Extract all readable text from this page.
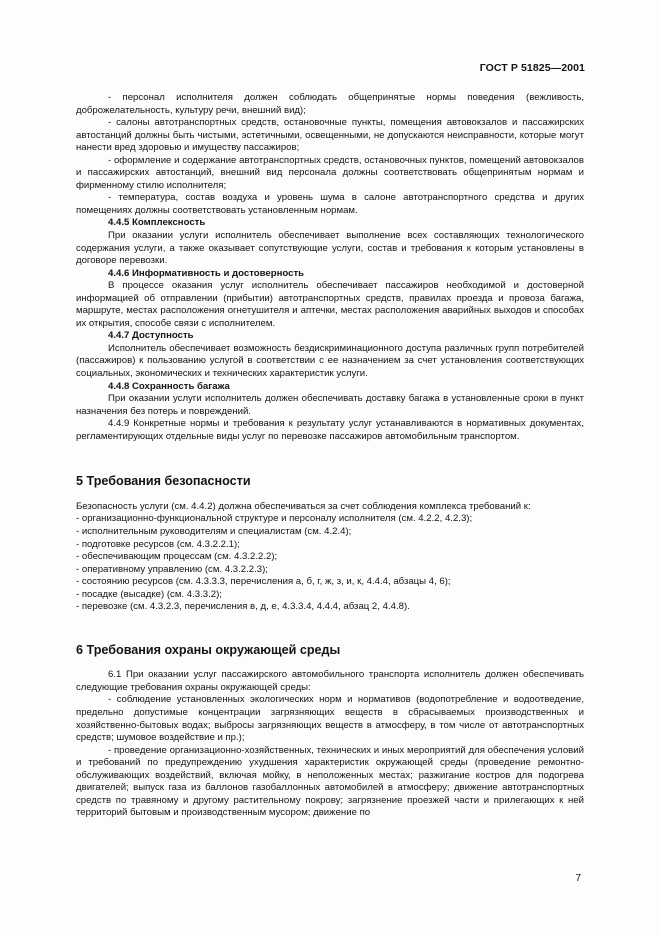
ГОСТ Р 51825—2001

- персонал исполнителя должен соблюдать общепринятые нормы поведения (вежливость, доброжелательность, культуру речи, внешний вид);

- салоны автотранспортных средств, остановочные пункты, помещения автовокзалов и пассажирских автостанций должны быть чистыми, эстетичными, освещенными, не допускаются неисправности, которые могут нанести вред здоровью и имуществу пассажиров;

- оформление и содержание автотранспортных средств, остановочных пунктов, помещений автовокзалов и пассажирских автостанций, внешний вид персонала должны соответствовать общепринятым нормам и фирменному стилю исполнителя;

- температура, состав воздуха и уровень шума в салоне автотранспортного средства и других помещениях должны соответствовать установленным нормам.

4.4.5 Комплексность

При оказании услуги исполнитель обеспечивает выполнение всех составляющих технологического содержания услуги, а также оказывает сопутствующие услуги, состав и требования к которым установлены в договоре перевозки.

4.4.6 Информативность и достоверность

В процессе оказания услуг исполнитель обеспечивает пассажиров необходимой и достоверной информацией об отправлении (прибытии) автотранспортных средств, правилах проезда и провоза багажа, маршруте, местах расположения огнетушителя и аптечки, местах расположения аварийных выходов и способах их открытия, способе связи с исполнителем.

4.4.7 Доступность

Исполнитель обеспечивает возможность бездискриминационного доступа различных групп потребителей (пассажиров) к пользованию услугой в соответствии с ее назначением за счет установления соответствующих социальных, экономических и технических характеристик услуги.

4.4.8 Сохранность багажа

При оказании услуги исполнитель должен обеспечивать доставку багажа в установленные сроки в пункт назначения без потерь и повреждений.

4.4.9 Конкретные нормы и требования к результату услуг устанавливаются в нормативных документах, регламентирующих отдельные виды услуг по перевозке пассажиров автомобильным транспортом.

5 Требования безопасности

Безопасность услуги (см. 4.4.2) должна обеспечиваться за счет соблюдения комплекса требований к:

- организационно-функциональной структуре и персоналу исполнителя (см. 4.2.2, 4.2.3);

- исполнительным руководителям и специалистам (см. 4.2.4);

- подготовке ресурсов (см. 4.3.2.2.1);

- обеспечивающим процессам (см. 4.3.2.2.2);

- оперативному управлению (см. 4.3.2.2.3);

- состоянию ресурсов (см. 4.3.3.3, перечисления а, б, г, ж, з, и, к, 4.4.4, абзацы 4, 6);

- посадке (высадке) (см. 4.3.3.2);

- перевозке (см. 4.3.2.3, перечисления в, д, е, 4.3.3.4, 4.4.4, абзац 2, 4.4.8).

6 Требования охраны окружающей среды

6.1 При оказании услуг пассажирского автомобильного транспорта исполнитель должен обеспечивать следующие требования охраны окружающей среды:

- соблюдение установленных экологических норм и нормативов (водопотребление и водоотведение, предельно допустимые концентрации загрязняющих веществ в сбрасываемых производственных и хозяйственно-бытовых водах; выбросы загрязняющих веществ в атмосферу, в том числе от автотранспортных средств; шумовое воздействие и пр.);

- проведение организационно-хозяйственных, технических и иных мероприятий для обеспечения условий и требований по предупреждению ухудшения характеристик окружающей среды (проведение ремонтно-обслуживающих воздействий, включая мойку, в неположенных местах; разжигание костров для подогрева двигателей; выпуск газа из баллонов газобаллонных автомобилей в атмосферу; движение автотранспортных средств по травяному и другому растительному покрову; загрязнение проезжей части и прилегающих к ней территорий бытовым и производственным мусором; движение по

7
